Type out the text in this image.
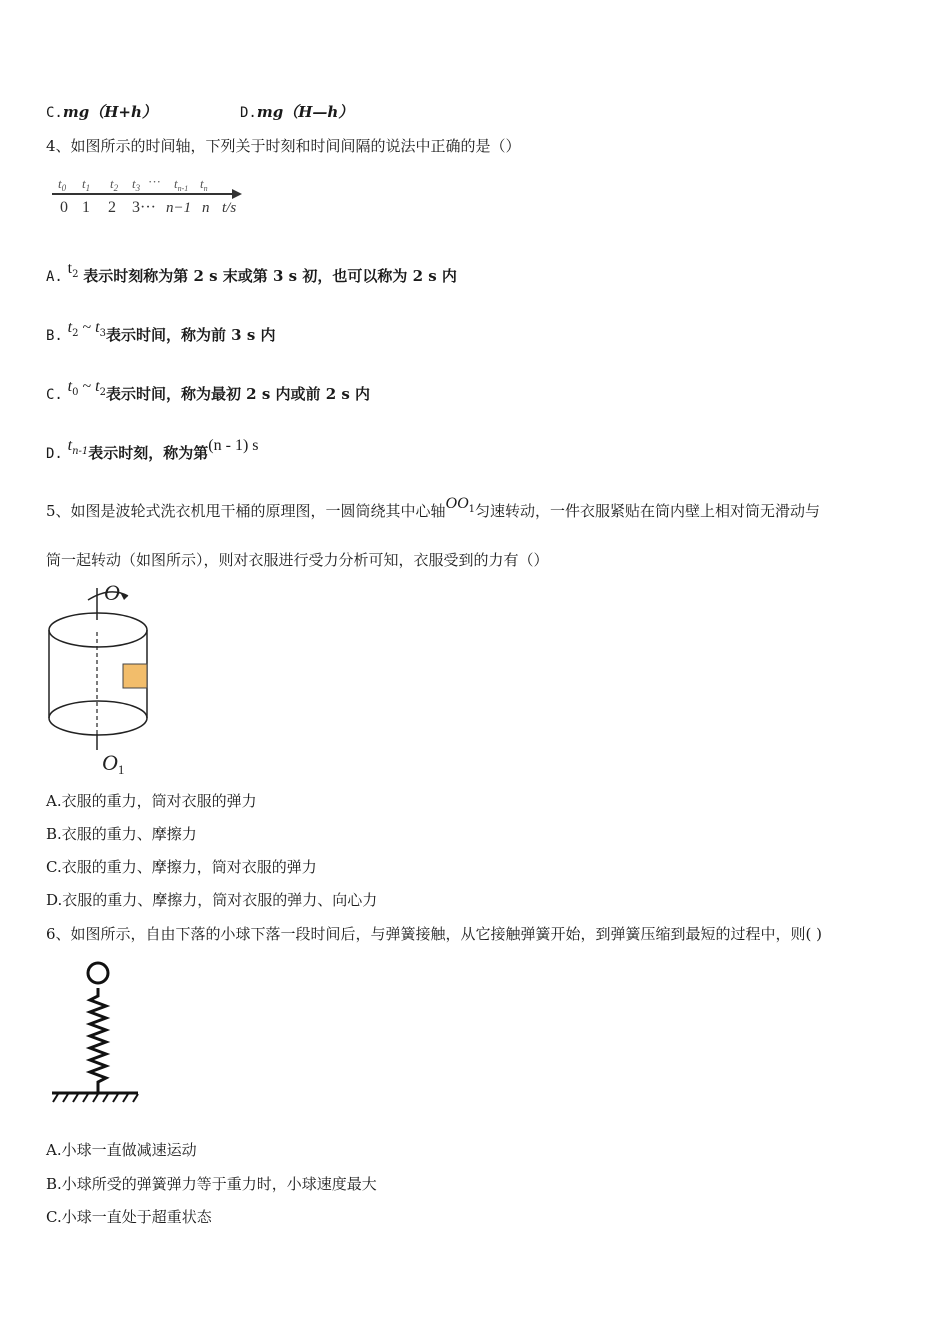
C.mg（H+h）	D.mg（H—h）
4、如图所示的时间轴，下列关于时刻和时间间隔的说法中正确的是（）
$t_0$ $t_1$ $t_2$ $t_3$ ··· $t_{n-1}$ $t_n$
0 1 2 3··· n−1 n t/s
A. $t_2$ 表示时刻称为第 2 s 末或第 3 s 初，也可以称为 2 s 内
B. $t_2$ ~ $t_3$表示时间，称为前 3 s 内
C. $t_0$ ~ $t_2$表示时间，称为最初 2 s 内或前 2 s 内
D. $t_{n-1}$表示时刻，称为第(n - 1) s
5、如图是波轮式洗衣机甩干桶的原理图，一圆筒绕其中心轴$OO_1$匀速转动，一件衣服紧贴在筒内壁上相对筒无滑动与
筒一起转动（如图所示），则对衣服进行受力分析可知，衣服受到的力有（）
O
O1
A.衣服的重力，筒对衣服的弹力
B.衣服的重力、摩擦力
C.衣服的重力、摩擦力，筒对衣服的弹力
D.衣服的重力、摩擦力，筒对衣服的弹力、向心力
6、如图所示，自由下落的小球下落一段时间后，与弹簧接触，从它接触弹簧开始，到弹簧压缩到最短的过程中，则( )
A.小球一直做减速运动
B.小球所受的弹簧弹力等于重力时，小球速度最大
C.小球一直处于超重状态
